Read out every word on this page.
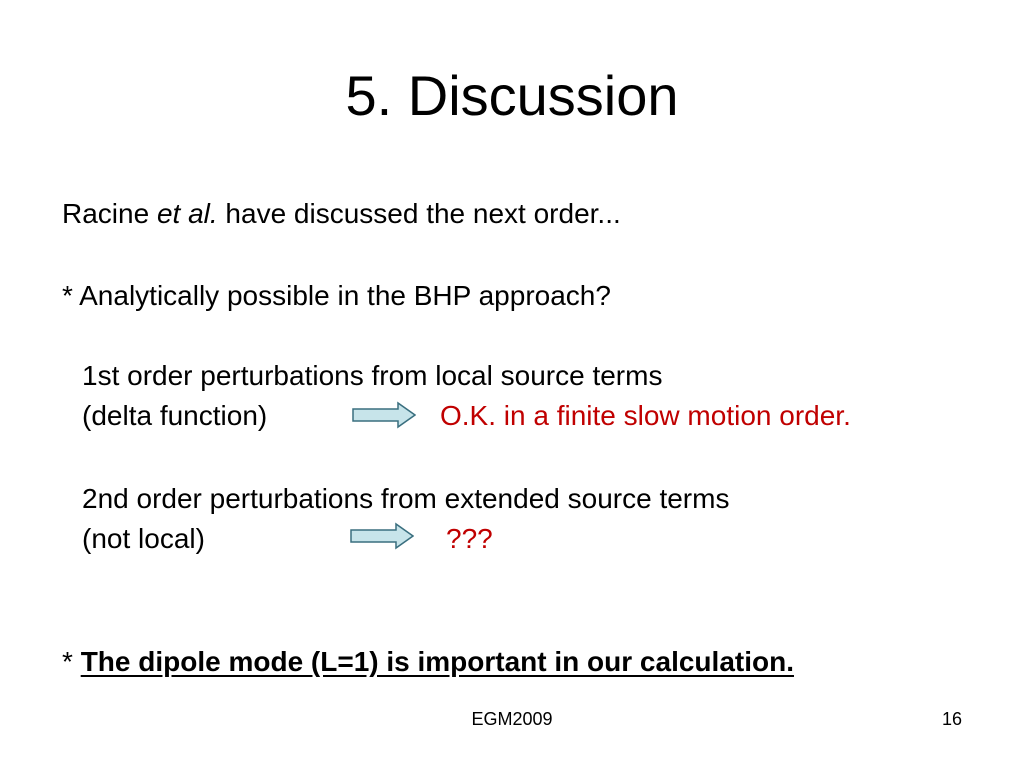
5. Discussion
Racine et al. have discussed the next order...
* Analytically possible in the BHP approach?
1st order perturbations from local source terms
(delta function)	O.K. in a finite slow motion order.
2nd order perturbations from extended source terms
(not local)	???
* The dipole mode (L=1) is important in our calculation.
EGM2009	16
